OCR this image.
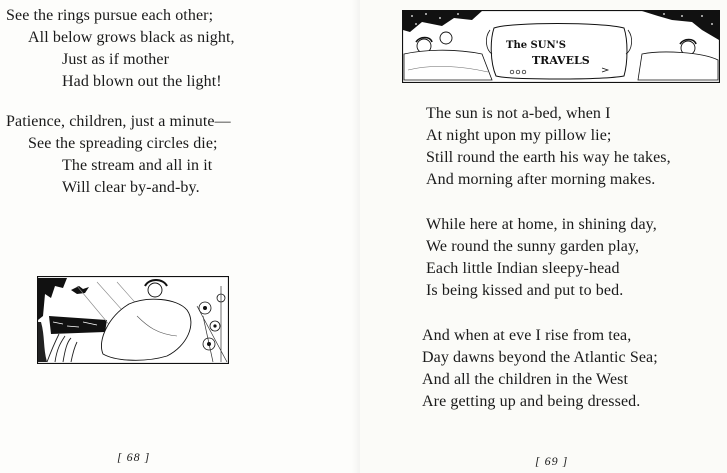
See the rings pursue each other;
All below grows black as night,
Just as if mother
Had blown out the light!
Patience, children, just a minute—
See the spreading circles die;
The stream and all in it
Will clear by-and-by.
[ 68 ]
The SUN'S
TRAVELS
The sun is not a-bed, when I
At night upon my pillow lie;
Still round the earth his way he takes,
And morning after morning makes.
While here at home, in shining day,
We round the sunny garden play,
Each little Indian sleepy-head
Is being kissed and put to bed.
And when at eve I rise from tea,
Day dawns beyond the Atlantic Sea;
And all the children in the West
Are getting up and being dressed.
[ 69 ]
